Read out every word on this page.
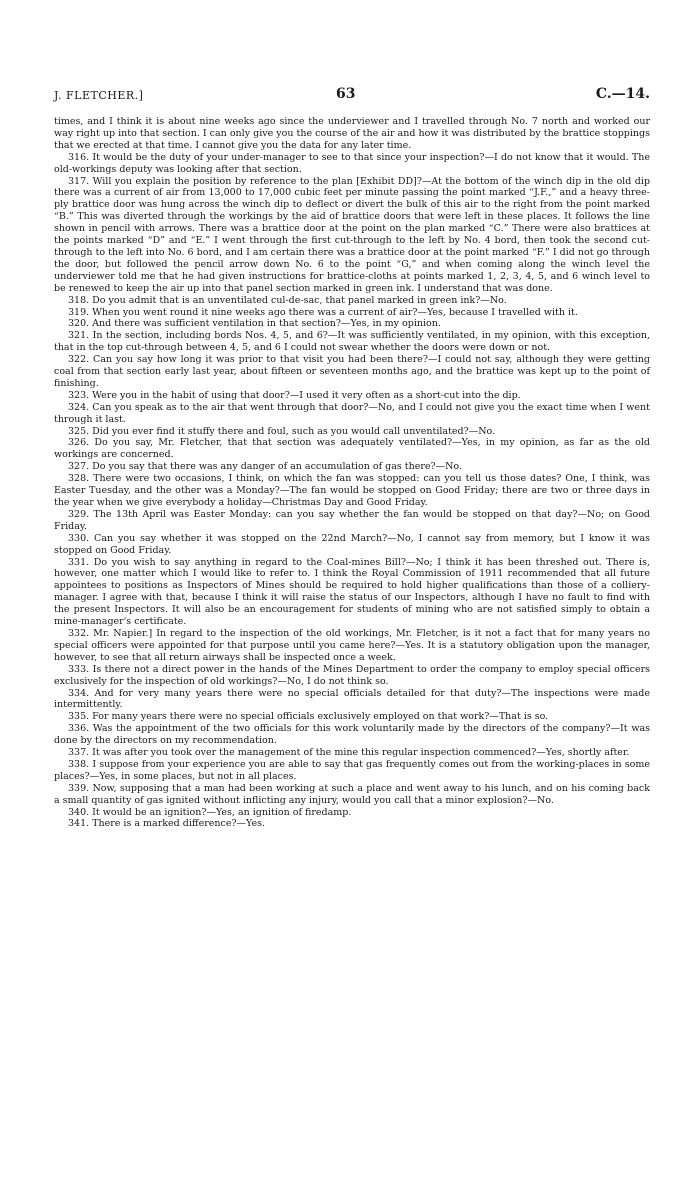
J. FLETCHER.]	63	C.—14.

times, and I think it is about nine weeks ago since the underviewer and I travelled through No. 7 north and worked our way right up into that section. I can only give you the course of the air and how it was distributed by the brattice stoppings that we erected at that time. I cannot give you the data for any later time.

316. It would be the duty of your under-manager to see to that since your inspection?—I do not know that it would. The old-workings deputy was looking after that section.

317. Will you explain the position by reference to the plan [Exhibit DD]?—At the bottom of the winch dip in the old dip there was a current of air from 13,000 to 17,000 cubic feet per minute passing the point marked “J.F.,” and a heavy three-ply brattice door was hung across the winch dip to deflect or divert the bulk of this air to the right from the point marked “B.” This was diverted through the workings by the aid of brattice doors that were left in these places. It follows the line shown in pencil with arrows. There was a brattice door at the point on the plan marked “C.” There were also brattices at the points marked “D” and “E.” I went through the first cut-through to the left by No. 4 bord, then took the second cut-through to the left into No. 6 bord, and I am certain there was a brattice door at the point marked “F.” I did not go through the door, but followed the pencil arrow down No. 6 to the point “G,” and when coming along the winch level the underviewer told me that he had given instructions for brattice-cloths at points marked 1, 2, 3, 4, 5, and 6 winch level to be renewed to keep the air up into that panel section marked in green ink. I understand that was done.

318. Do you admit that is an unventilated cul-de-sac, that panel marked in green ink?—No.

319. When you went round it nine weeks ago there was a current of air?—Yes, because I travelled with it.

320. And there was sufficient ventilation in that section?—Yes, in my opinion.

321. In the section, including bords Nos. 4, 5, and 6?—It was sufficiently ventilated, in my opinion, with this exception, that in the top cut-through between 4, 5, and 6 I could not swear whether the doors were down or not.

322. Can you say how long it was prior to that visit you had been there?—I could not say, although they were getting coal from that section early last year, about fifteen or seventeen months ago, and the brattice was kept up to the point of finishing.

323. Were you in the habit of using that door?—I used it very often as a short-cut into the dip.

324. Can you speak as to the air that went through that door?—No, and I could not give you the exact time when I went through it last.

325. Did you ever find it stuffy there and foul, such as you would call unventilated?—No.

326. Do you say, Mr. Fletcher, that that section was adequately ventilated?—Yes, in my opinion, as far as the old workings are concerned.

327. Do you say that there was any danger of an accumulation of gas there?—No.

328. There were two occasions, I think, on which the fan was stopped: can you tell us those dates? One, I think, was Easter Tuesday, and the other was a Monday?—The fan would be stopped on Good Friday; there are two or three days in the year when we give everybody a holiday—Christmas Day and Good Friday.

329. The 13th April was Easter Monday: can you say whether the fan would be stopped on that day?—No; on Good Friday.

330. Can you say whether it was stopped on the 22nd March?—No, I cannot say from memory, but I know it was stopped on Good Friday.

331. Do you wish to say anything in regard to the Coal-mines Bill?—No; I think it has been threshed out. There is, however, one matter which I would like to refer to. I think the Royal Commission of 1911 recommended that all future appointees to positions as Inspectors of Mines should be required to hold higher qualifications than those of a colliery-manager. I agree with that, because I think it will raise the status of our Inspectors, although I have no fault to find with the present Inspectors. It will also be an encouragement for students of mining who are not satisfied simply to obtain a mine-manager's certificate.

332. Mr. Napier.] In regard to the inspection of the old workings, Mr. Fletcher, is it not a fact that for many years no special officers were appointed for that purpose until you came here?—Yes. It is a statutory obligation upon the manager, however, to see that all return airways shall be inspected once a week.

333. Is there not a direct power in the hands of the Mines Department to order the company to employ special officers exclusively for the inspection of old workings?—No, I do not think so.

334. And for very many years there were no special officials detailed for that duty?—The inspections were made intermittently.

335. For many years there were no special officials exclusively employed on that work?—That is so.

336. Was the appointment of the two officials for this work voluntarily made by the directors of the company?—It was done by the directors on my recommendation.

337. It was after you took over the management of the mine this regular inspection commenced?—Yes, shortly after.

338. I suppose from your experience you are able to say that gas frequently comes out from the working-places in some places?—Yes, in some places, but not in all places.

339. Now, supposing that a man had been working at such a place and went away to his lunch, and on his coming back a small quantity of gas ignited without inflicting any injury, would you call that a minor explosion?—No.

340. It would be an ignition?—Yes, an ignition of firedamp.

341. There is a marked difference?—Yes.
